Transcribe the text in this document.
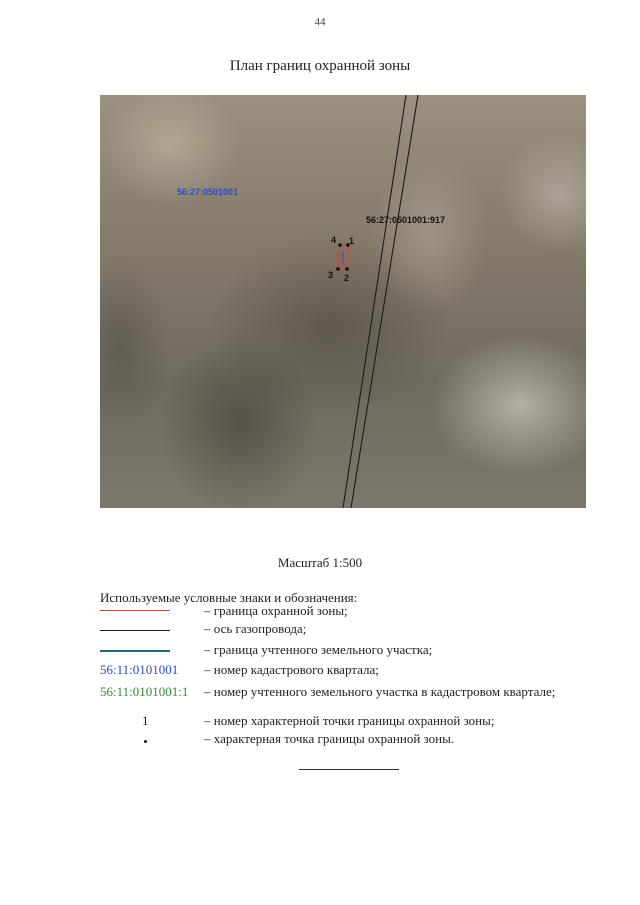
44
План границ охранной зоны
56:27:0501001
56:27:0501001:917
1
2
3
4
Масштаб 1:500
Используемые условные знаки и обозначения:
– граница охранной зоны;
– ось газопровода;
– граница учтенного земельного участка;
56:11:0101001 – номер кадастрового квартала;
56:11:0101001:1 – номер учтенного земельного участка в кадастровом квартале;
1	– номер характерной точки границы охранной зоны;
– характерная точка границы охранной зоны.
